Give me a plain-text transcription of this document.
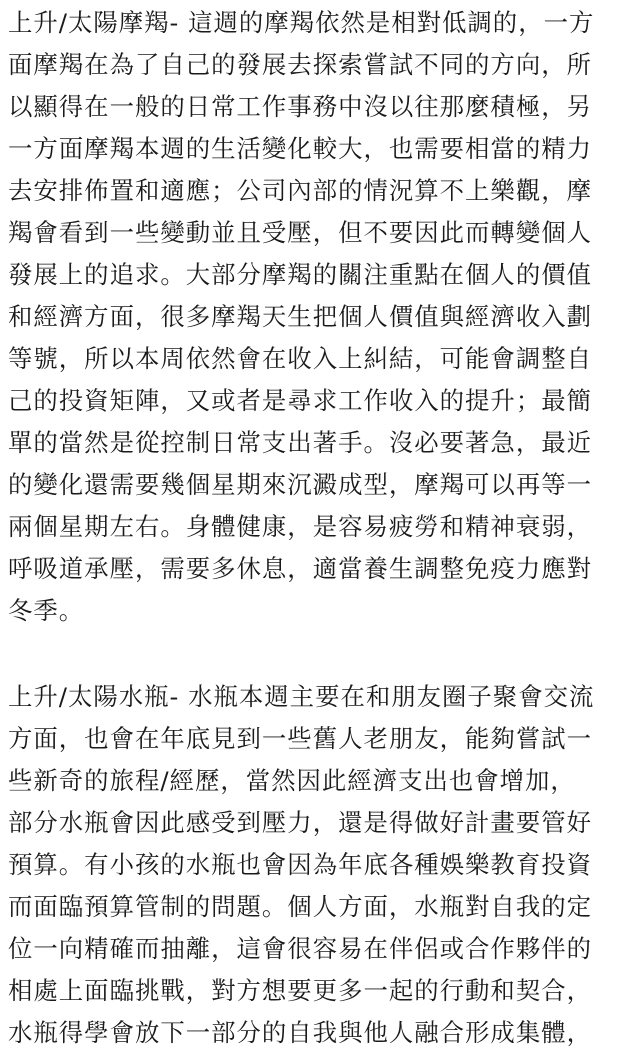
上升/太陽摩羯- 這週的摩羯依然是相對低調的，一方
面摩羯在為了自己的發展去探索嘗試不同的方向，所
以顯得在一般的日常工作事務中沒以往那麼積極，另
一方面摩羯本週的生活變化較大，也需要相當的精力
去安排佈置和適應；公司內部的情況算不上樂觀，摩
羯會看到一些變動並且受壓，但不要因此而轉變個人
發展上的追求。大部分摩羯的關注重點在個人的價值
和經濟方面，很多摩羯天生把個人價值與經濟收入劃
等號，所以本周依然會在收入上糾結，可能會調整自
己的投資矩陣，又或者是尋求工作收入的提升；最簡
單的當然是從控制日常支出著手。沒必要著急，最近
的變化還需要幾個星期來沉澱成型，摩羯可以再等一
兩個星期左右。身體健康，是容易疲勞和精神衰弱，
呼吸道承壓，需要多休息，適當養生調整免疫力應對
冬季。
上升/太陽水瓶- 水瓶本週主要在和朋友圈子聚會交流
方面，也會在年底見到一些舊人老朋友，能夠嘗試一
些新奇的旅程/經歷，當然因此經濟支出也會增加，
部分水瓶會因此感受到壓力，還是得做好計畫要管好
預算。有小孩的水瓶也會因為年底各種娛樂教育投資
而面臨預算管制的問題。個人方面，水瓶對自我的定
位一向精確而抽離，這會很容易在伴侶或合作夥伴的
相處上面臨挑戰，對方想要更多一起的行動和契合，
水瓶得學會放下一部分的自我與他人融合形成集體，
